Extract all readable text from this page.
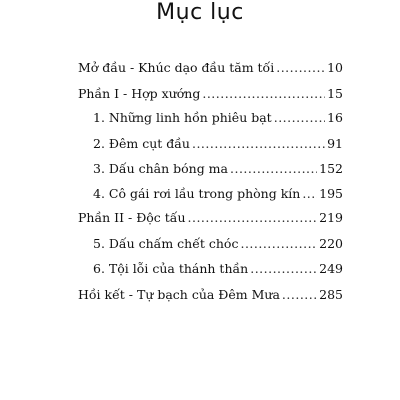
Mục lục
Mở đầu - Khúc dạo đầu tăm tối .....	10
Phần I - Hợp xướng .....	15
1. Những linh hồn phiêu bạt .....	16
2. Đêm cụt đầu .....	91
3. Dấu chân bóng ma .....	152
4. Cô gái rơi lầu trong phòng kín ..... 195
Phần II - Độc tấu .....	219
5. Dấu chấm chết chóc .....	220
6. Tội lỗi của thánh thần .....	249
Hồi kết - Tự bạch của Đêm Mưa .....	285
